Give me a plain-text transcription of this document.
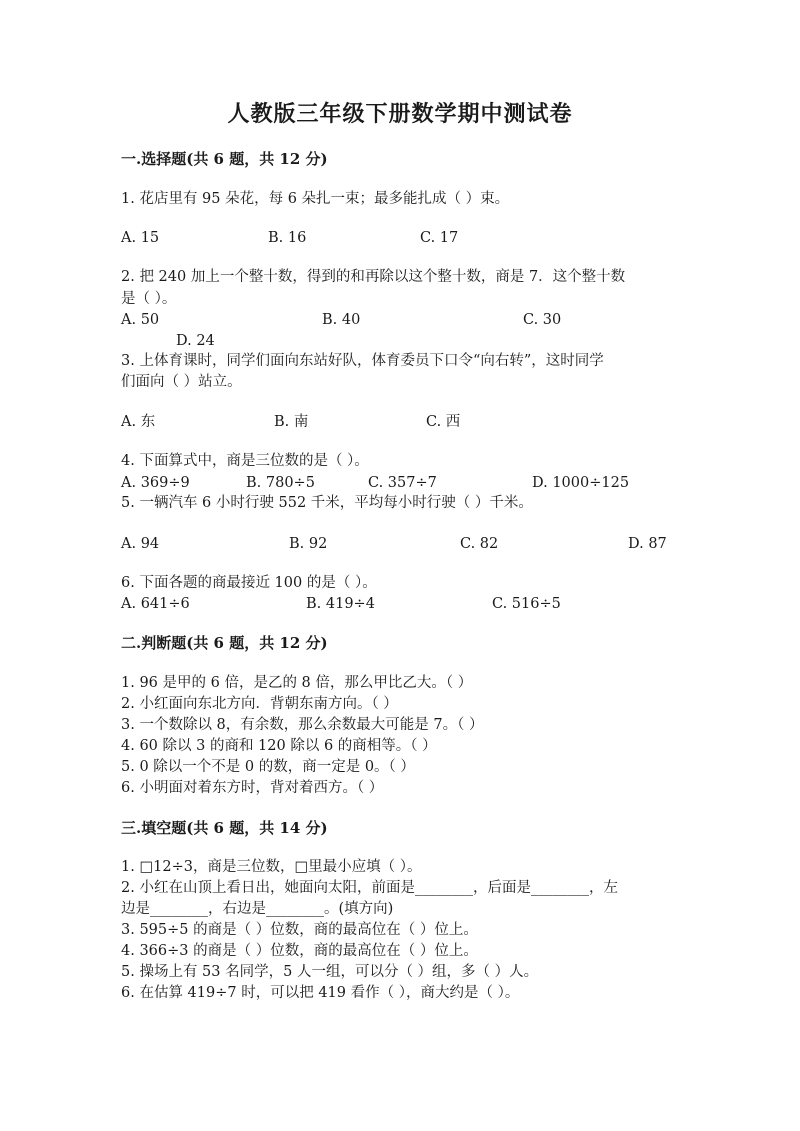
人教版三年级下册数学期中测试卷
一.选择题(共 6 题，共 12 分)
1. 花店里有 95 朵花，每 6 朵扎一束；最多能扎成（ ）束。
A. 15	B. 16	C. 17
2. 把 240 加上一个整十数，得到的和再除以这个整十数，商是 7．这个整十数
是（ ）。
A. 50	B. 40	C. 30
D. 24
3. 上体育课时，同学们面向东站好队，体育委员下口令“向右转”，这时同学
们面向（ ）站立。
A. 东	B. 南	C. 西
4. 下面算式中，商是三位数的是（ ）。
A. 369÷9	B. 780÷5	C. 357÷7	D. 1000÷125
5. 一辆汽车 6 小时行驶 552 千米，平均每小时行驶（ ）千米。
A. 94	B. 92	C. 82	D. 87
6. 下面各题的商最接近 100 的是（ ）。
A. 641÷6	B. 419÷4	C. 516÷5
二.判断题(共 6 题，共 12 分)
1. 96 是甲的 6 倍，是乙的 8 倍，那么甲比乙大。（ ）
2. 小红面向东北方向．背朝东南方向。（ ）
3. 一个数除以 8，有余数，那么余数最大可能是 7。（ ）
4. 60 除以 3 的商和 120 除以 6 的商相等。（ ）
5. 0 除以一个不是 0 的数，商一定是 0。（ ）
6. 小明面对着东方时，背对着西方。（ ）
三.填空题(共 6 题，共 14 分)
1. □12÷3，商是三位数，□里最小应填（ ）。
2. 小红在山顶上看日出，她面向太阳，前面是________，后面是________，左
边是________，右边是________。(填方向)
3. 595÷5 的商是（ ）位数，商的最高位在（ ）位上。
4. 366÷3 的商是（ ）位数，商的最高位在（ ）位上。
5. 操场上有 53 名同学，5 人一组，可以分（ ）组，多（ ）人。
6. 在估算 419÷7 时，可以把 419 看作（ ），商大约是（ ）。
